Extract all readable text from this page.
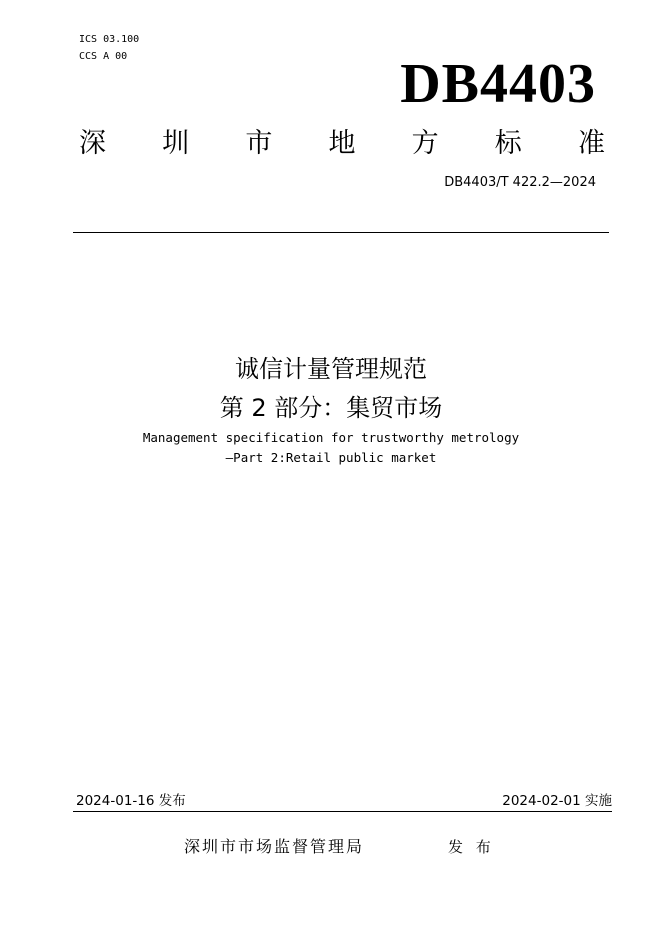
ICS 03.100
CCS A 00	DB4403
深 圳 市 地 方 标 准
DB4403/T 422.2—2024
诚信计量管理规范
第 2 部分：集贸市场
Management specification for trustworthy metrology
—Part 2:Retail public market
2024-01-16 发布	2024-02-01 实施
深圳市市场监督管理局	发 布
